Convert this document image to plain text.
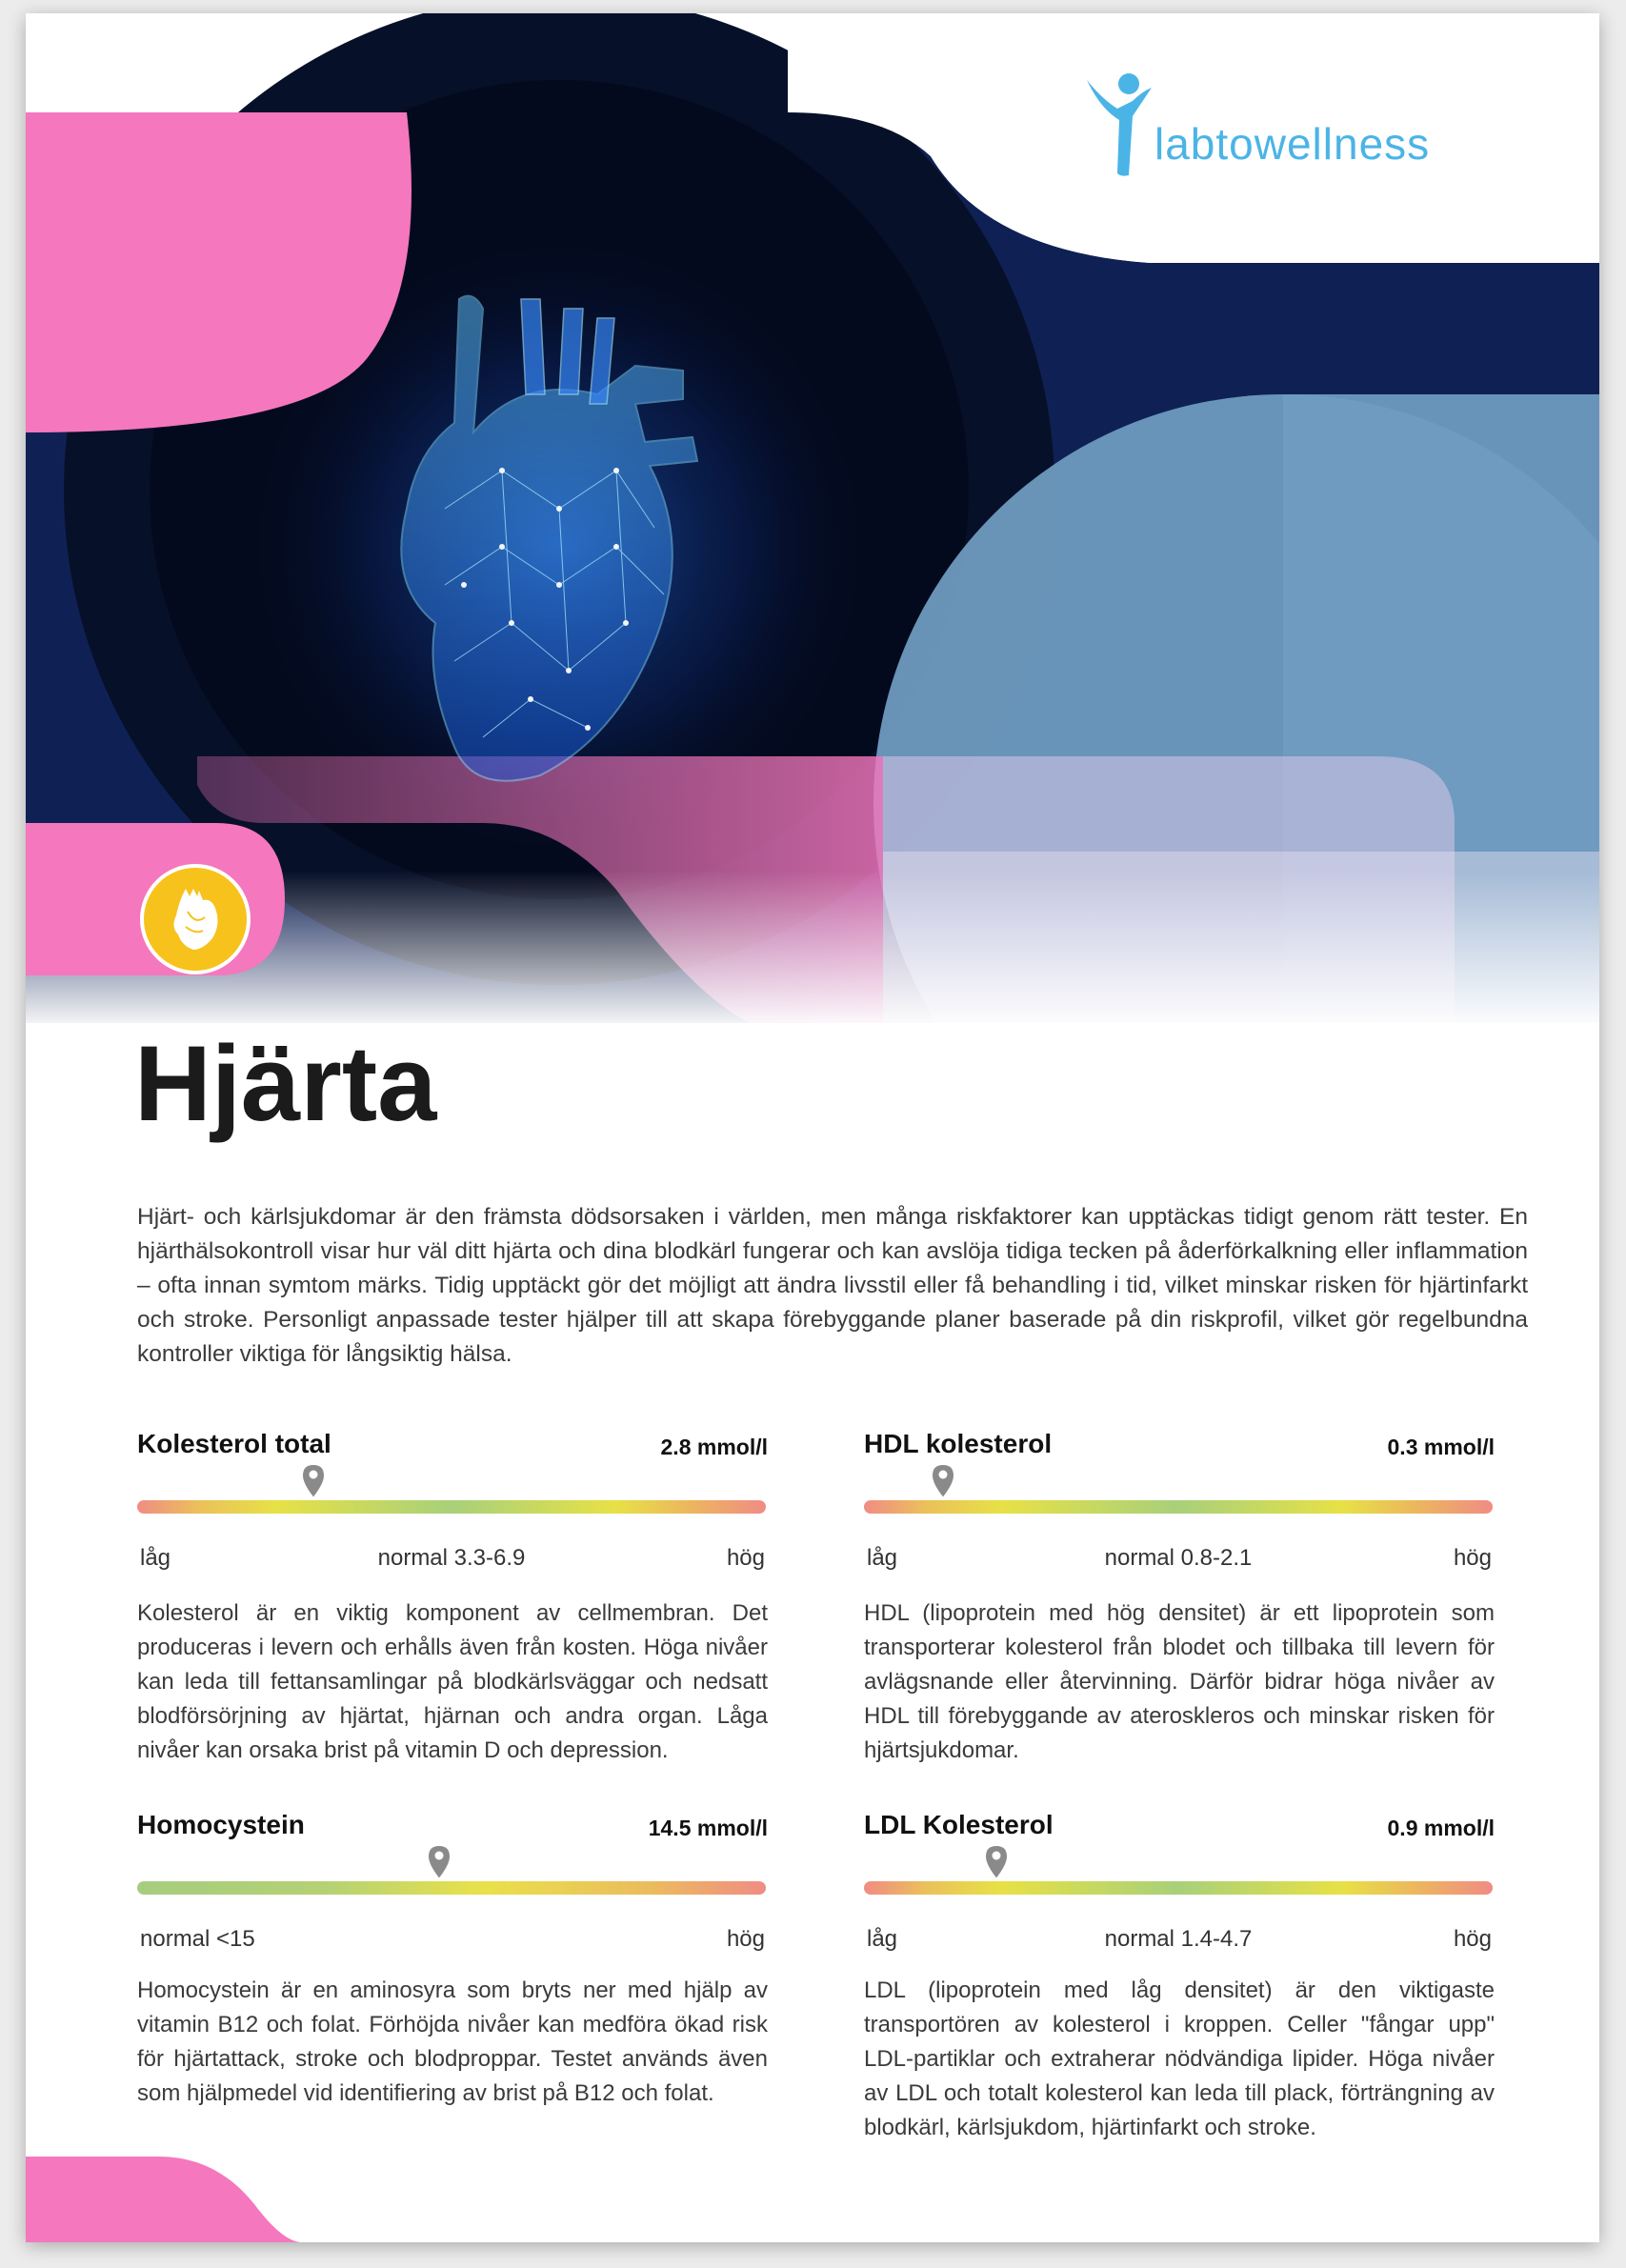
labtowellness
Hjärta

Hjärt- och kärlsjukdomar är den främsta dödsorsaken i världen, men många riskfaktorer kan upptäckas tidigt genom rätt tester. En hjärthälsokontroll visar hur väl ditt hjärta och dina blodkärl fungerar och kan avslöja tidiga tecken på åderförkalkning eller inflammation – ofta innan symtom märks. Tidig upptäckt gör det möjligt att ändra livsstil eller få behandling i tid, vilket minskar risken för hjärtinfarkt och stroke. Personligt anpassade tester hjälper till att skapa förebyggande planer baserade på din riskprofil, vilket gör regelbundna kontroller viktiga för långsiktig hälsa.

Kolesterol total	2.8 mmol/l
låg	normal 3.3-6.9	hög

Kolesterol är en viktig komponent av cellmembran. Det produceras i levern och erhålls även från kosten. Höga nivåer kan leda till fettansamlingar på blodkärlsväggar och nedsatt blodförsörjning av hjärtat, hjärnan och andra organ. Låga nivåer kan orsaka brist på vitamin D och depression.

HDL kolesterol	0.3 mmol/l
låg	normal 0.8-2.1	hög

HDL (lipoprotein med hög densitet) är ett lipoprotein som transporterar kolesterol från blodet och tillbaka till levern för avlägsnande eller återvinning. Därför bidrar höga nivåer av HDL till förebyggande av ateroskleros och minskar risken för hjärtsjukdomar.

Homocystein	14.5 mmol/l
normal <15	hög

Homocystein är en aminosyra som bryts ner med hjälp av vitamin B12 och folat. Förhöjda nivåer kan medföra ökad risk för hjärtattack, stroke och blodproppar. Testet används även som hjälpmedel vid identifiering av brist på B12 och folat.

LDL Kolesterol	0.9 mmol/l
låg	normal 1.4-4.7	hög

LDL (lipoprotein med låg densitet) är den viktigaste transportören av kolesterol i kroppen. Celler "fångar upp" LDL-partiklar och extraherar nödvändiga lipider. Höga nivåer av LDL och totalt kolesterol kan leda till plack, förträngning av blodkärl, kärlsjukdom, hjärtinfarkt och stroke.
